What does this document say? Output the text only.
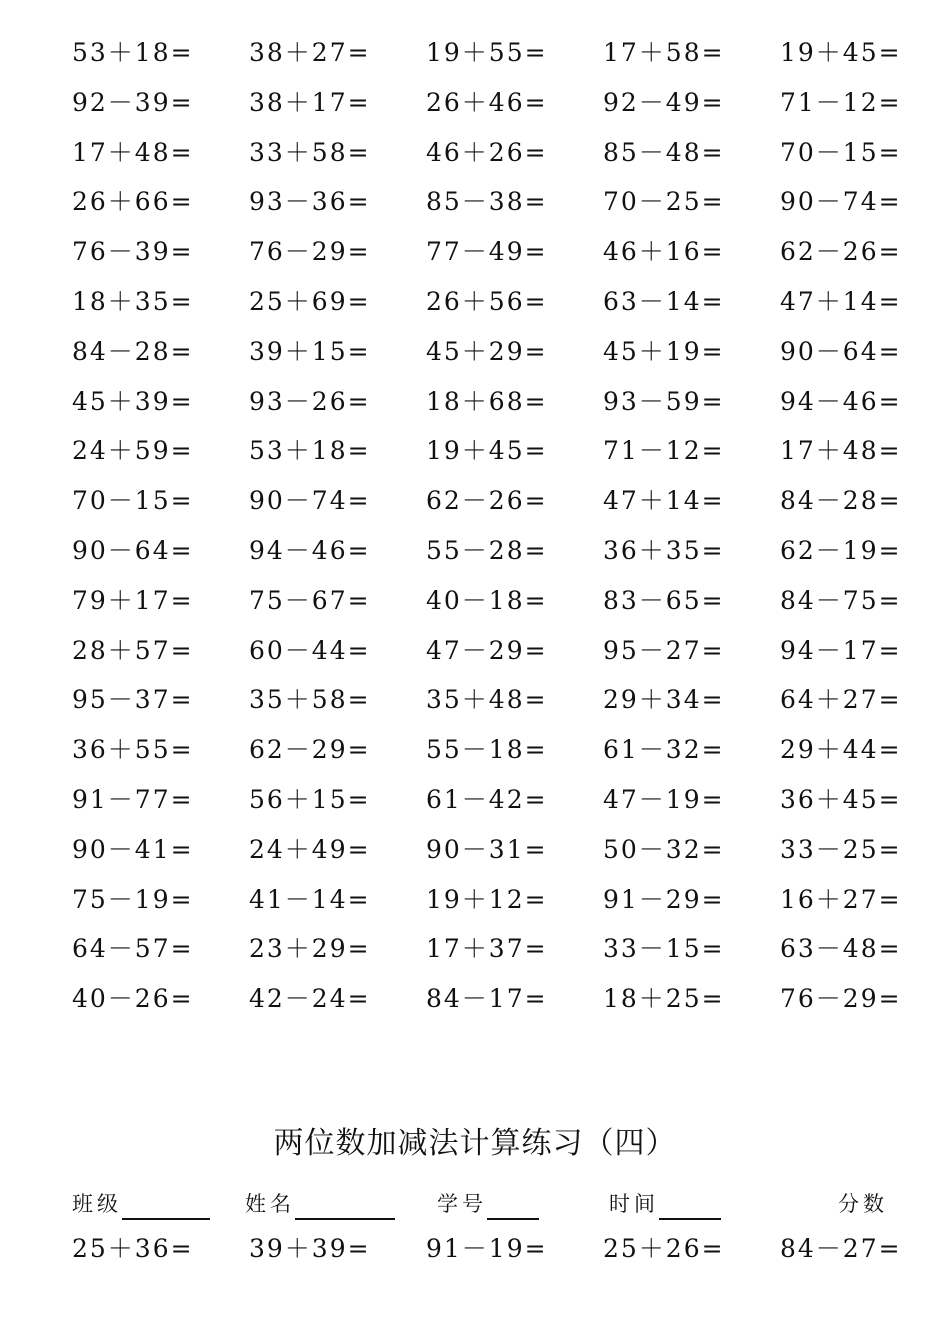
53＋18= 38＋27= 19＋55= 17＋58= 19＋45=
92－39= 38＋17= 26＋46= 92－49= 71－12=
17＋48= 33＋58= 46＋26= 85－48= 70－15=
26＋66= 93－36= 85－38= 70－25= 90－74=
76－39= 76－29= 77－49= 46＋16= 62－26=
18＋35= 25＋69= 26＋56= 63－14= 47＋14=
84－28= 39＋15= 45＋29= 45＋19= 90－64=
45＋39= 93－26= 18＋68= 93－59= 94－46=
24＋59= 53＋18= 19＋45= 71－12= 17＋48=
70－15= 90－74= 62－26= 47＋14= 84－28=
90－64= 94－46= 55－28= 36＋35= 62－19=
79＋17= 75－67= 40－18= 83－65= 84－75=
28＋57= 60－44= 47－29= 95－27= 94－17=
95－37= 35＋58= 35＋48= 29＋34= 64＋27=
36＋55= 62－29= 55－18= 61－32= 29＋44=
91－77= 56＋15= 61－42= 47－19= 36＋45=
90－41= 24＋49= 90－31= 50－32= 33－25=
75－19= 41－14= 19＋12= 91－29= 16＋27=
64－57= 23＋29= 17＋37= 33－15= 63－48=
40－26= 42－24= 84－17= 18＋25= 76－29=
两位数加减法计算练习（四）
班级	姓名	学号	时间	分数
25＋36= 39＋39= 91－19= 25＋26= 84－27=
